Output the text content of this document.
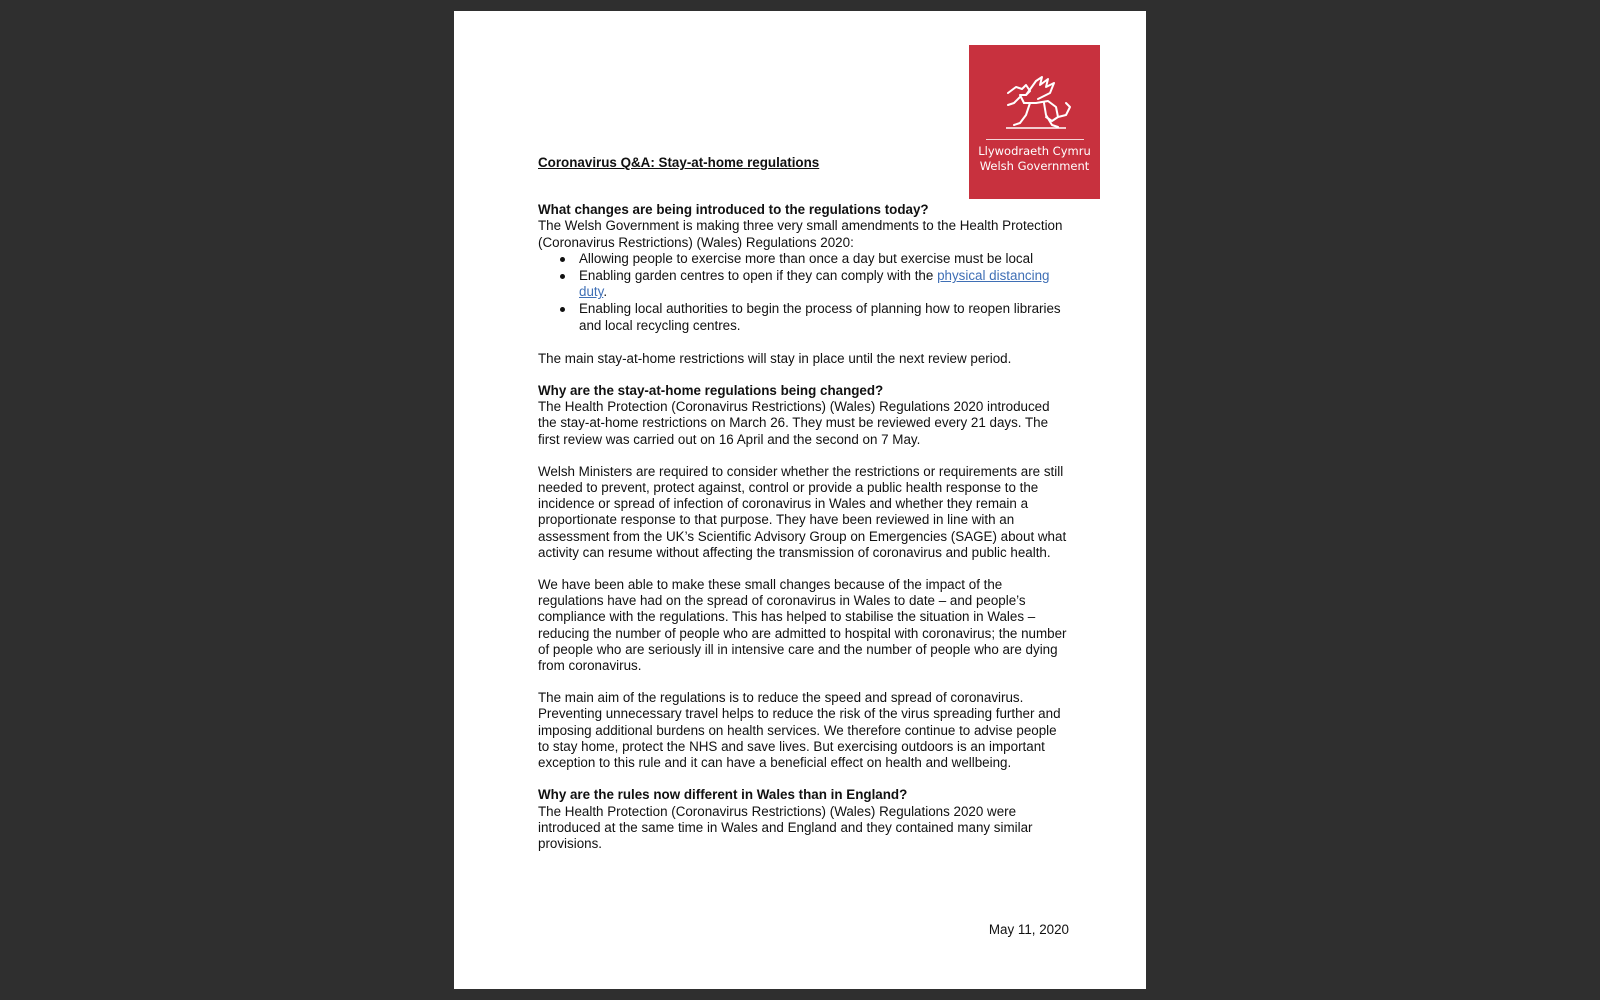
Llywodraeth Cymru
Welsh Government

Coronavirus Q&A: Stay-at-home regulations

What changes are being introduced to the regulations today?

The Welsh Government is making three very small amendments to the Health Protection (Coronavirus Restrictions) (Wales) Regulations 2020:

Allowing people to exercise more than once a day but exercise must be local
Enabling garden centres to open if they can comply with the physical distancing duty.
Enabling local authorities to begin the process of planning how to reopen libraries and local recycling centres.

The main stay-at-home restrictions will stay in place until the next review period.

Why are the stay-at-home regulations being changed?

The Health Protection (Coronavirus Restrictions) (Wales) Regulations 2020 introduced the stay-at-home restrictions on March 26. They must be reviewed every 21 days. The first review was carried out on 16 April and the second on 7 May.

Welsh Ministers are required to consider whether the restrictions or requirements are still needed to prevent, protect against, control or provide a public health response to the incidence or spread of infection of coronavirus in Wales and whether they remain a proportionate response to that purpose. They have been reviewed in line with an assessment from the UK’s Scientific Advisory Group on Emergencies (SAGE) about what activity can resume without affecting the transmission of coronavirus and public health.

We have been able to make these small changes because of the impact of the regulations have had on the spread of coronavirus in Wales to date – and people’s compliance with the regulations. This has helped to stabilise the situation in Wales – reducing the number of people who are admitted to hospital with coronavirus; the number of people who are seriously ill in intensive care and the number of people who are dying from coronavirus.

The main aim of the regulations is to reduce the speed and spread of coronavirus. Preventing unnecessary travel helps to reduce the risk of the virus spreading further and imposing additional burdens on health services. We therefore continue to advise people to stay home, protect the NHS and save lives. But exercising outdoors is an important exception to this rule and it can have a beneficial effect on health and wellbeing.

Why are the rules now different in Wales than in England?

The Health Protection (Coronavirus Restrictions) (Wales) Regulations 2020 were introduced at the same time in Wales and England and they contained many similar provisions.

May 11, 2020
